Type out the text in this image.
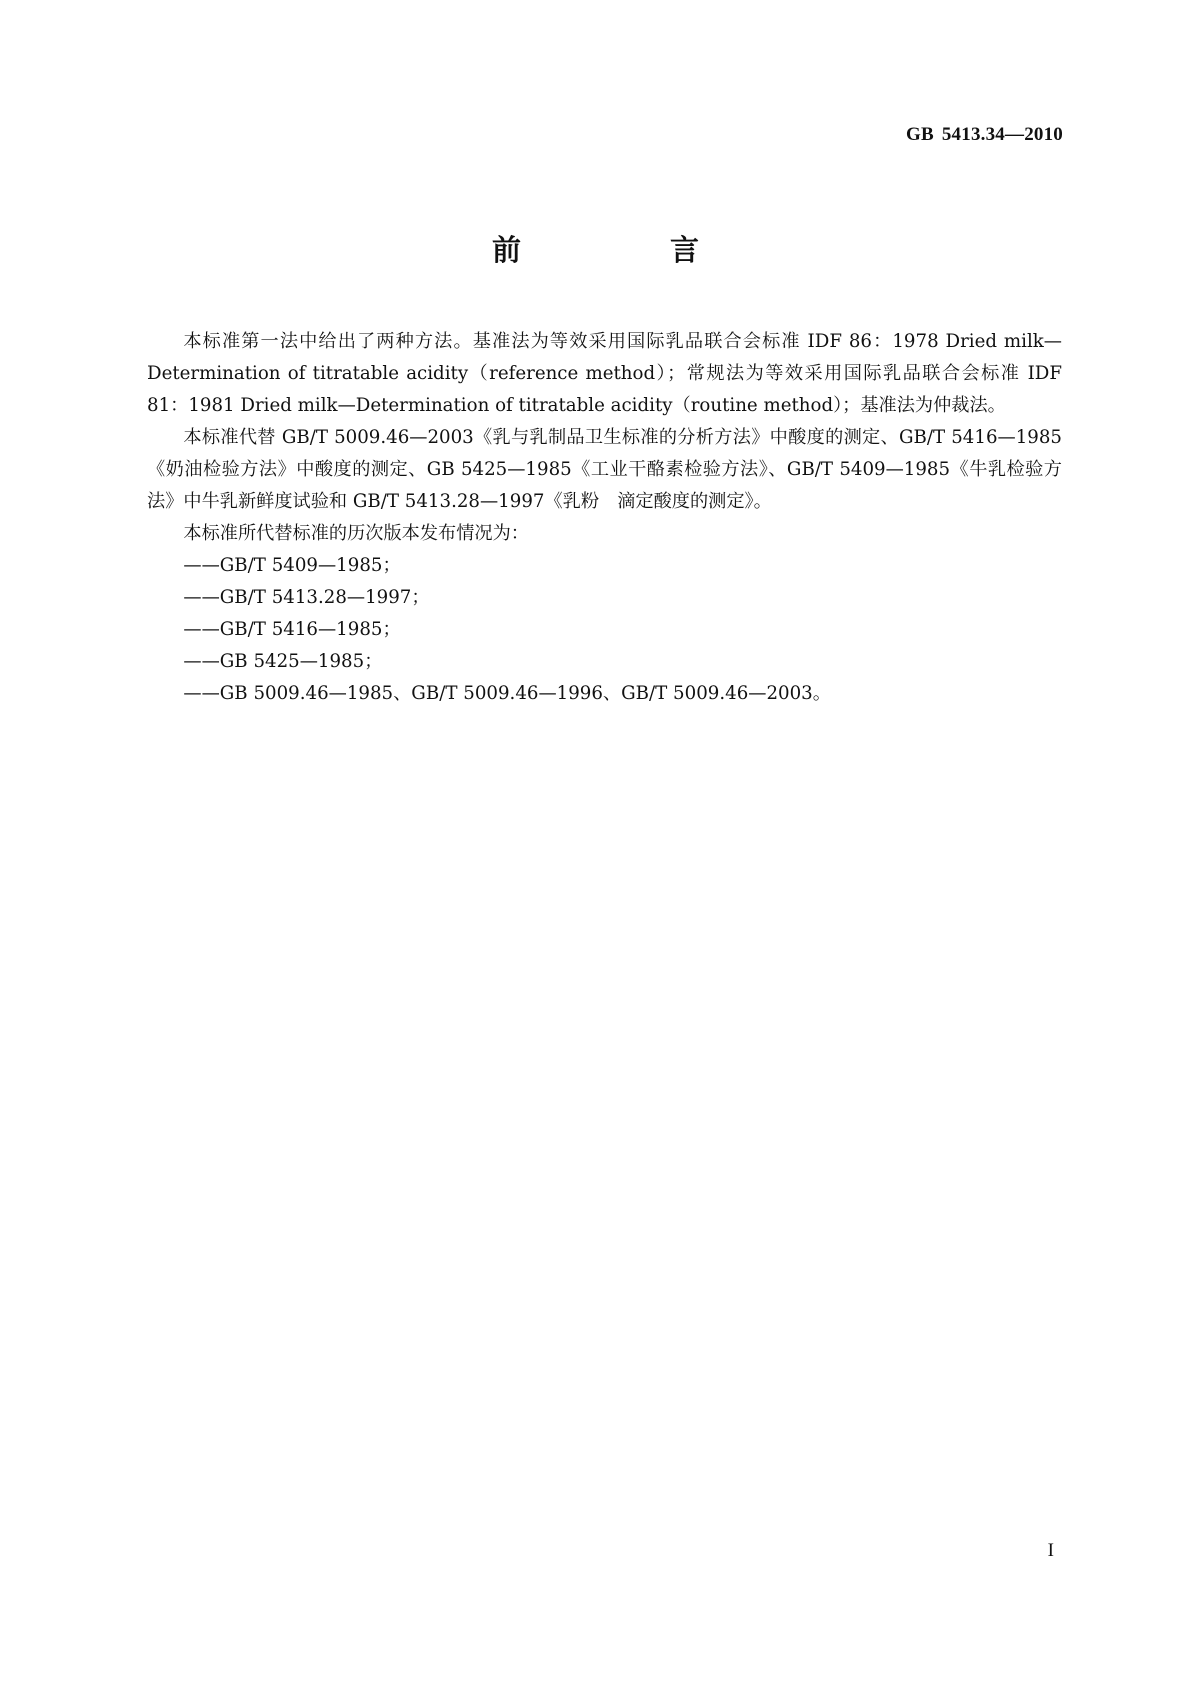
GB 5413.34—2010
前　言

本标准第一法中给出了两种方法。基准法为等效采用国际乳品联合会标准 IDF 86：1978 Dried milk—Determination of titratable acidity（reference method）；常规法为等效采用国际乳品联合会标准 IDF 81：1981 Dried milk—Determination of titratable acidity（routine method）；基准法为仲裁法。

本标准代替 GB/T 5009.46—2003《乳与乳制品卫生标准的分析方法》中酸度的测定、GB/T 5416—1985《奶油检验方法》中酸度的测定、GB 5425—1985《工业干酪素检验方法》、GB/T 5409—1985《牛乳检验方法》中牛乳新鲜度试验和 GB/T 5413.28—1997《乳粉　滴定酸度的测定》。

本标准所代替标准的历次版本发布情况为：

——GB/T 5409—1985；

——GB/T 5413.28—1997；

——GB/T 5416—1985；

——GB 5425—1985；

——GB 5009.46—1985、GB/T 5009.46—1996、GB/T 5009.46—2003。

I
